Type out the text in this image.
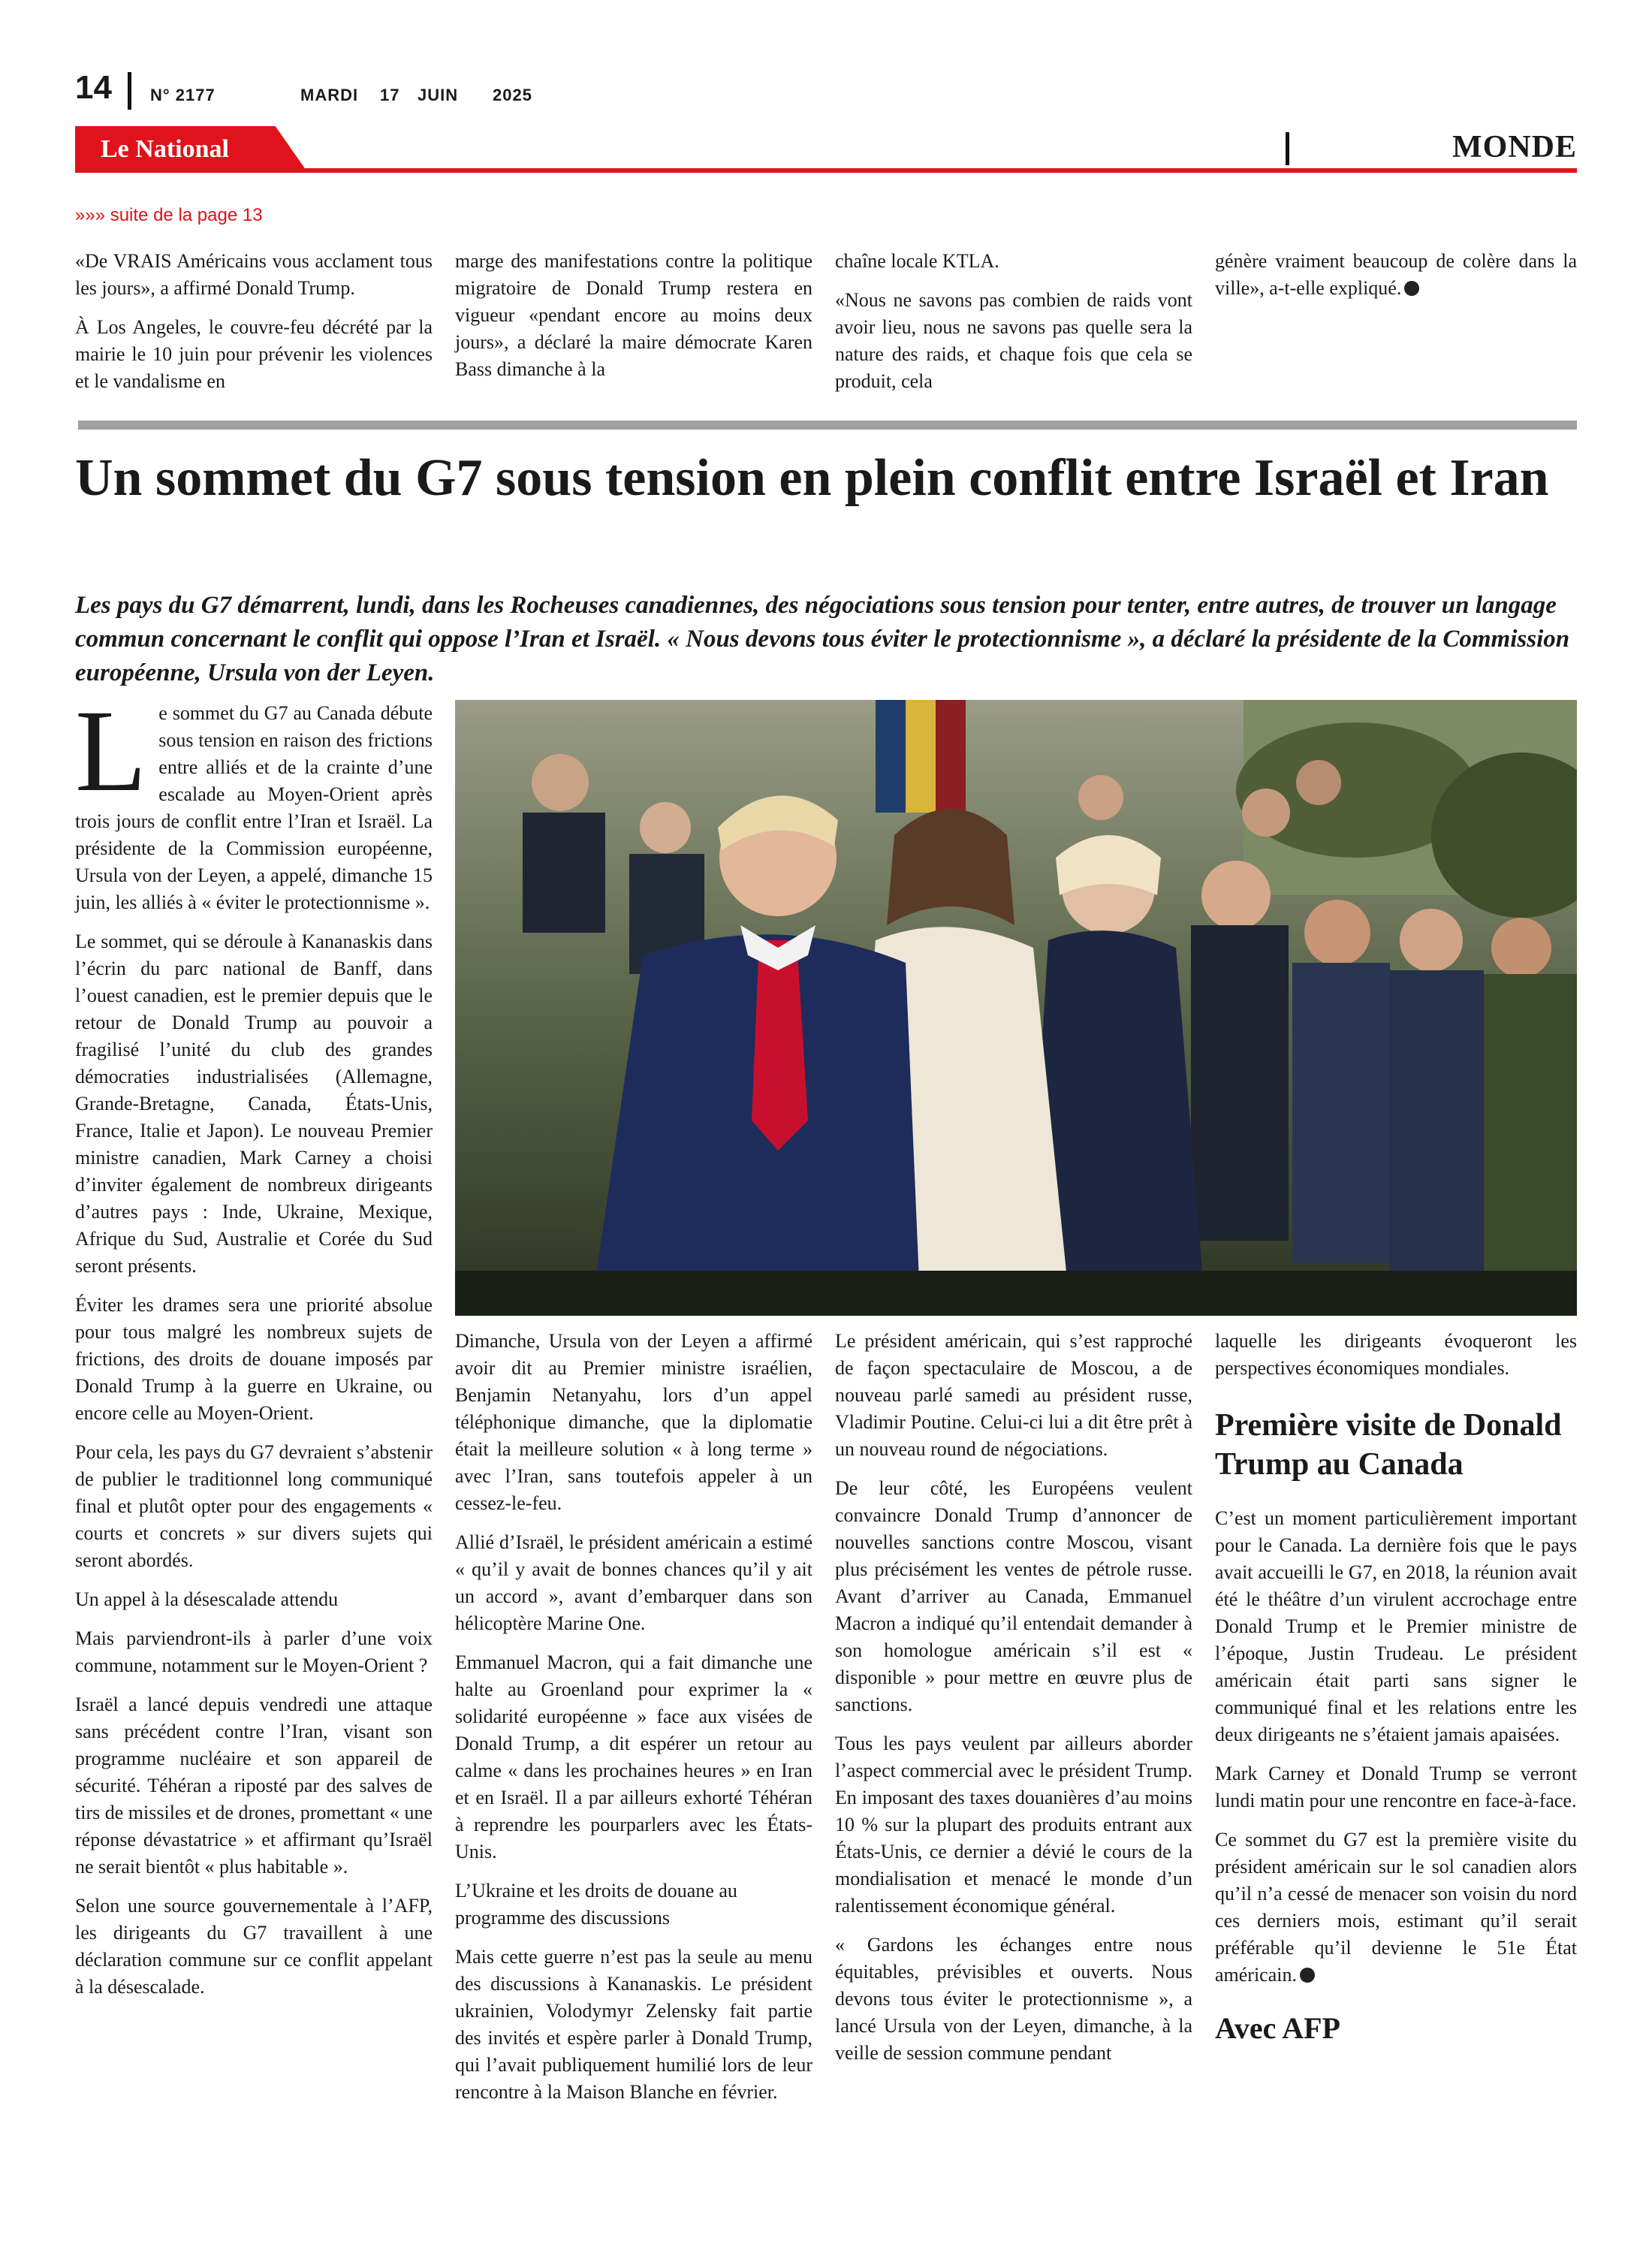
14 N° 2177	MARDI 17 JUIN 2025
Le National	MONDE
»»» suite de la page 13

«De VRAIS Américains vous acclament tous les jours», a affirmé Donald Trump.

À Los Angeles, le couvre-feu décrété par la mairie le 10 juin pour prévenir les violences et le vandalisme en

marge des manifestations contre la politique migratoire de Donald Trump restera en vigueur «pendant encore au moins deux jours», a déclaré la maire démocrate Karen Bass dimanche à la

chaîne locale KTLA.

«Nous ne savons pas combien de raids vont avoir lieu, nous ne savons pas quelle sera la nature des raids, et chaque fois que cela se produit, cela

génère vraiment beaucoup de colère dans la ville», a-t-elle expliqué.

Un sommet du G7 sous tension en plein conflit entre Israël et Iran
Les pays du G7 démarrent, lundi, dans les Rocheuses canadiennes, des négociations sous tension pour tenter, entre autres, de trouver un langage commun concernant le conflit qui oppose l’Iran et Israël. « Nous devons tous éviter le protectionnisme », a déclaré la présidente de la Commission européenne, Ursula von der Leyen.

Le sommet du G7 au Canada débute sous tension en raison des frictions entre alliés et de la crainte d’une escalade au Moyen-Orient après trois jours de conflit entre l’Iran et Israël. La présidente de la Commission européenne, Ursula von der Leyen, a appelé, dimanche 15 juin, les alliés à « éviter le protectionnisme ».

Le sommet, qui se déroule à Kananaskis dans l’écrin du parc national de Banff, dans l’ouest canadien, est le premier depuis que le retour de Donald Trump au pouvoir a fragilisé l’unité du club des grandes démocraties industrialisées (Allemagne, Grande-Bretagne, Canada, États-Unis, France, Italie et Japon). Le nouveau Premier ministre canadien, Mark Carney a choisi d’inviter également de nombreux dirigeants d’autres pays : Inde, Ukraine, Mexique, Afrique du Sud, Australie et Corée du Sud seront présents.

Éviter les drames sera une priorité absolue pour tous malgré les nombreux sujets de frictions, des droits de douane imposés par Donald Trump à la guerre en Ukraine, ou encore celle au Moyen-Orient.

Pour cela, les pays du G7 devraient s’abstenir de publier le traditionnel long communiqué final et plutôt opter pour des engagements « courts et concrets » sur divers sujets qui seront abordés.

Un appel à la désescalade attendu

Mais parviendront-ils à parler d’une voix commune, notamment sur le Moyen-Orient ?

Israël a lancé depuis vendredi une attaque sans précédent contre l’Iran, visant son programme nucléaire et son appareil de sécurité. Téhéran a riposté par des salves de tirs de missiles et de drones, promettant « une réponse dévastatrice » et affirmant qu’Israël ne serait bientôt « plus habitable ».

Selon une source gouvernementale à l’AFP, les dirigeants du G7 travaillent à une déclaration commune sur ce conflit appelant à la désescalade.

Dimanche, Ursula von der Leyen a affirmé avoir dit au Premier ministre israélien, Benjamin Netanyahu, lors d’un appel téléphonique dimanche, que la diplomatie était la meilleure solution « à long terme » avec l’Iran, sans toutefois appeler à un cessez-le-feu.

Allié d’Israël, le président américain a estimé « qu’il y avait de bonnes chances qu’il y ait un accord », avant d’embarquer dans son hélicoptère Marine One.

Emmanuel Macron, qui a fait dimanche une halte au Groenland pour exprimer la « solidarité européenne » face aux visées de Donald Trump, a dit espérer un retour au calme « dans les prochaines heures » en Iran et en Israël. Il a par ailleurs exhorté Téhéran à reprendre les pourparlers avec les États-Unis.

L’Ukraine et les droits de douane au programme des discussions

Mais cette guerre n’est pas la seule au menu des discussions à Kananaskis. Le président ukrainien, Volodymyr Zelensky fait partie des invités et espère parler à Donald Trump, qui l’avait publiquement humilié lors de leur rencontre à la Maison Blanche en février.

Le président américain, qui s’est rapproché de façon spectaculaire de Moscou, a de nouveau parlé samedi au président russe, Vladimir Poutine. Celui-ci lui a dit être prêt à un nouveau round de négociations.

De leur côté, les Européens veulent convaincre Donald Trump d’annoncer de nouvelles sanctions contre Moscou, visant plus précisément les ventes de pétrole russe. Avant d’arriver au Canada, Emmanuel Macron a indiqué qu’il entendait demander à son homologue américain s’il est « disponible » pour mettre en œuvre plus de sanctions.

Tous les pays veulent par ailleurs aborder l’aspect commercial avec le président Trump. En imposant des taxes douanières d’au moins 10 % sur la plupart des produits entrant aux États-Unis, ce dernier a dévié le cours de la mondialisation et menacé le monde d’un ralentissement économique général.

« Gardons les échanges entre nous équitables, prévisibles et ouverts. Nous devons tous éviter le protectionnisme », a lancé Ursula von der Leyen, dimanche, à la veille de session commune pendant

laquelle les dirigeants évoqueront les perspectives économiques mondiales.

Première visite de Donald Trump au Canada

C’est un moment particulièrement important pour le Canada. La dernière fois que le pays avait accueilli le G7, en 2018, la réunion avait été le théâtre d’un virulent accrochage entre Donald Trump et le Premier ministre de l’époque, Justin Trudeau. Le président américain était parti sans signer le communiqué final et les relations entre les deux dirigeants ne s’étaient jamais apaisées.

Mark Carney et Donald Trump se verront lundi matin pour une rencontre en face-à-face.

Ce sommet du G7 est la première visite du président américain sur le sol canadien alors qu’il n’a cessé de menacer son voisin du nord ces derniers mois, estimant qu’il serait préférable qu’il devienne le 51e État américain.

Avec AFP
